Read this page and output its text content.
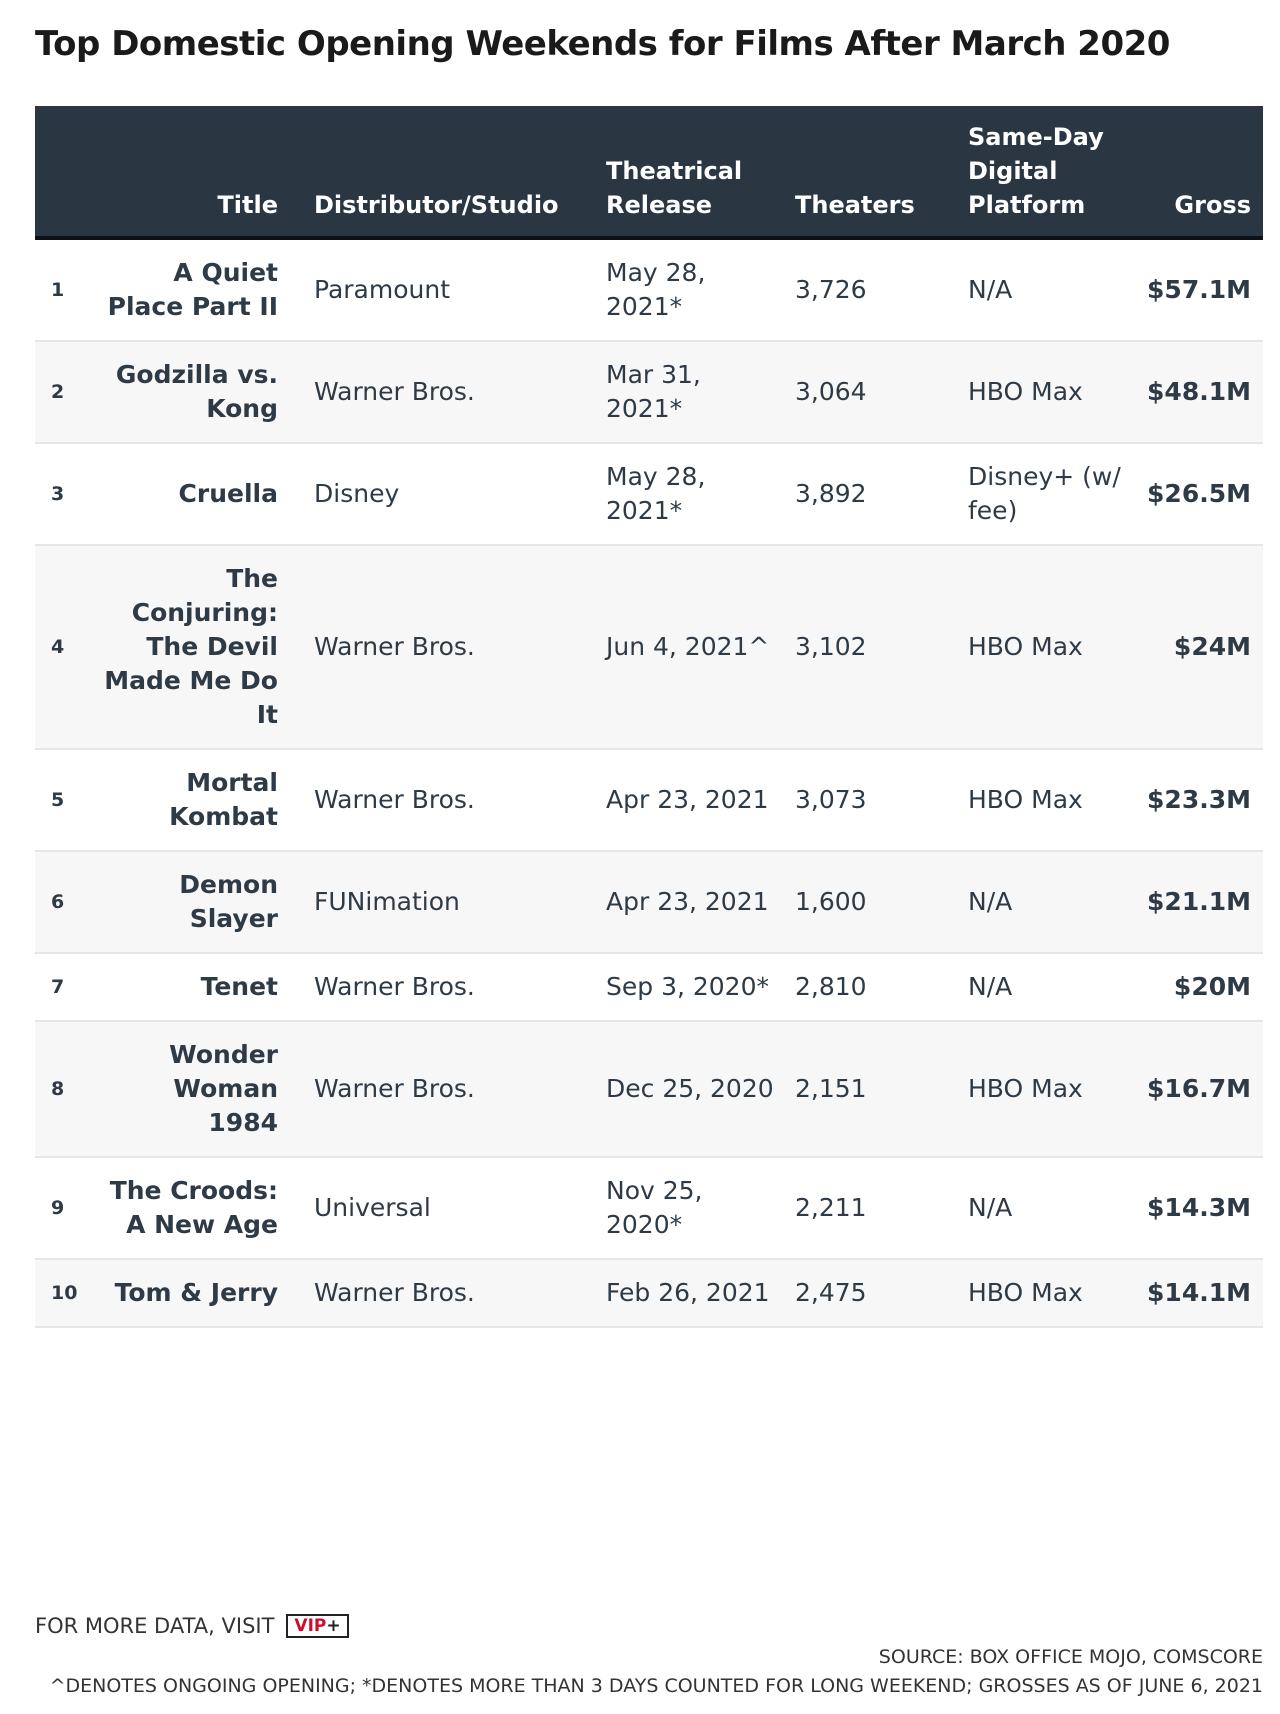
Top Domestic Opening Weekends for Films After March 2020
	Title	Distributor/Studio	Theatrical Release	Theaters	Same-Day Digital Platform	Gross
1	A Quiet Place Part II	Paramount	May 28, 2021*	3,726	N/A	$57.1M
2	Godzilla vs. Kong	Warner Bros.	Mar 31, 2021*	3,064	HBO Max	$48.1M
3	Cruella	Disney	May 28, 2021*	3,892	Disney+ (w/ fee)	$26.5M
4	The Conjuring: The Devil Made Me Do It	Warner Bros.	Jun 4, 2021^	3,102	HBO Max	$24M
5	Mortal Kombat	Warner Bros.	Apr 23, 2021	3,073	HBO Max	$23.3M
6	Demon Slayer	FUNimation	Apr 23, 2021	1,600	N/A	$21.1M
7	Tenet	Warner Bros.	Sep 3, 2020*	2,810	N/A	$20M
8	Wonder Woman 1984	Warner Bros.	Dec 25, 2020	2,151	HBO Max	$16.7M
9	The Croods: A New Age	Universal	Nov 25, 2020*	2,211	N/A	$14.3M
10	Tom & Jerry	Warner Bros.	Feb 26, 2021	2,475	HBO Max	$14.1M
FOR MORE DATA, VISIT	VIP+
SOURCE: BOX OFFICE MOJO, COMSCORE
^DENOTES ONGOING OPENING; *DENOTES MORE THAN 3 DAYS COUNTED FOR LONG WEEKEND; GROSSES AS OF JUNE 6, 2021
